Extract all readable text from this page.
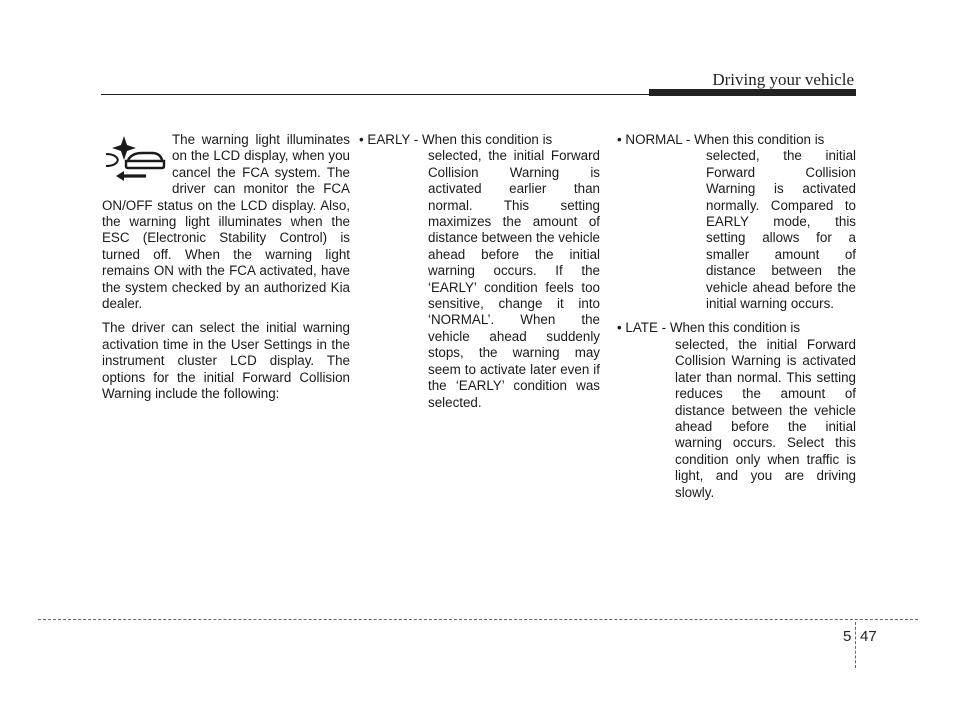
Driving your vehicle

The warning light illuminates on the LCD display, when you cancel the FCA system. The driver can monitor the FCA ON/OFF status on the LCD display. Also, the warning light illuminates when the ESC (Electronic Stability Control) is turned off. When the warning light remains ON with the FCA activated, have the system checked by an authorized Kia dealer.

The driver can select the initial warning activation time in the User Settings in the instrument cluster LCD display. The options for the initial Forward Collision Warning include the following:

• EARLY - When this condition is
selected, the initial Forward Collision Warning is activated earlier than normal. This setting maximizes the amount of distance between the vehicle ahead before the initial warning occurs. If the ‘EARLY’ condition feels too sensitive, change it into ‘NORMAL’. When the vehicle ahead suddenly stops, the warning may seem to activate later even if the ‘EARLY’ condition was selected.
• NORMAL - When this condition is
selected, the initial Forward Collision Warning is activated normally. Compared to EARLY mode, this setting allows for a smaller amount of distance between the vehicle ahead before the initial warning occurs.
• LATE - When this condition is
selected, the initial Forward Collision Warning is activated later than normal. This setting reduces the amount of distance between the vehicle ahead before the initial warning occurs. Select this condition only when traffic is light, and you are driving slowly.
5 47
